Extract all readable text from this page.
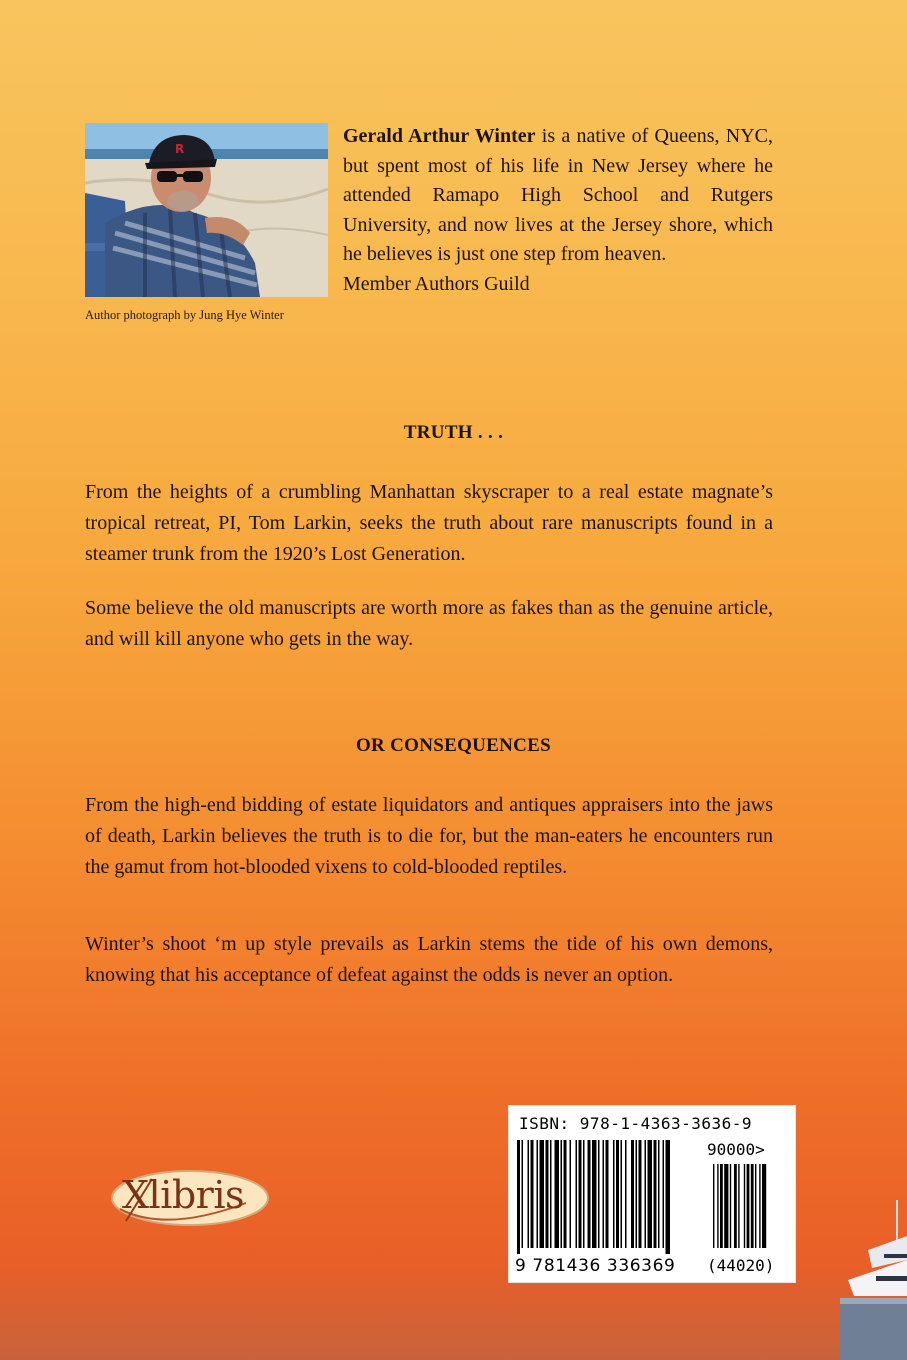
R
Author photograph by Jung Hye Winter

Gerald Arthur Winter is a native of Queens, NYC, but spent most of his life in New Jersey where he attended Ramapo High School and Rutgers University, and now lives at the Jersey shore, which he believes is just one step from heaven.

Member Authors Guild
TRUTH . . .

From the heights of a crumbling Manhattan skyscraper to a real estate magnate’s tropical retreat, PI, Tom Larkin, seeks the truth about rare manuscripts found in a steamer trunk from the 1920’s Lost Generation.

Some believe the old manuscripts are worth more as fakes than as the genuine article, and will kill anyone who gets in the way.

OR CONSEQUENCES

From the high-end bidding of estate liquidators and antiques appraisers into the jaws of death, Larkin believes the truth is to die for, but the man-eaters he encounters run the gamut from hot-blooded vixens to cold-blooded reptiles.

Winter’s shoot ‘m up style prevails as Larkin stems the tide of his own demons, knowing that his acceptance of defeat against the odds is never an option.

Xlibris
ISBN: 978-1-4363-3636-9
90000>
9 781436 336369 (44020)
